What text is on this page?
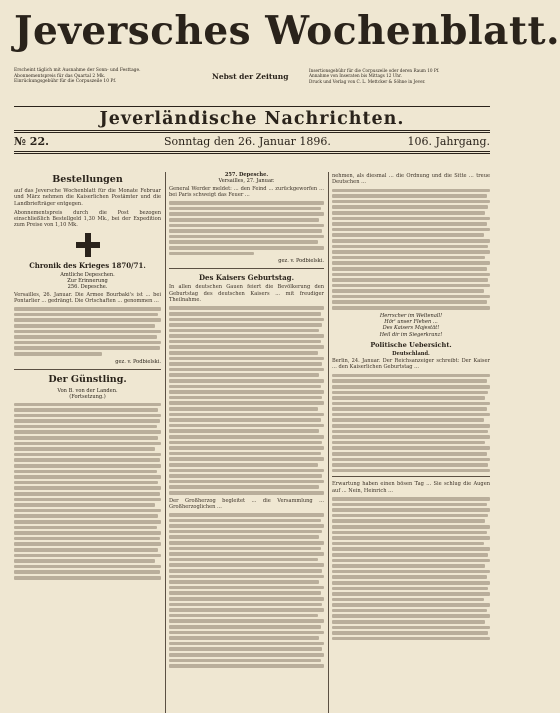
Jeversches Wochenblatt.

Erscheint täglich mit Ausnahme der Sonn- und Festtage.

Abonnementspreis für das Quartal 2 Mk.

Einrückungsgebühr für die Corpuszeile 10 Pf.

Nebst der Zeitung

Insertionsgebühr für die Corpuszeile oder deren Raum 10 Pf.

Annahme von Inseraten bis Mittags 12 Uhr.

Druck und Verlag von C. L. Mettcker & Söhne in Jever.

Jeverländische Nachrichten.
№ 22.	Sonntag den 26. Januar 1896.	106. Jahrgang.
Bestellungen
auf das Jeversche Wochenblatt für die Monate Februar und März nehmen die Kaiserlichen Postämter und die Landbriefträger entgegen.
Abonnementspreis durch die Post bezogen einschließlich Bestellgeld 1,30 Mk., bei der Expedition zum Preise von 1,10 Mk.
Chronik des Krieges 1870/71.
Amtliche Depeschen.
Zur Erinnerung
256. Depesche.
Versailles, 26. Januar. Die Armee Bourbaki's ist ... bei Pontarlier ... gedrängt. Die Ortschaften ... genommen ...
gez. v. Podbielski.
Der Günstling.
Von B. von der Landen.
(Fortsetzung.)
257. Depesche.
Versailles, 27. Januar.
General Werder meldet: ... den Feind ... zurückgeworfen ... bei Paris schweigt das Feuer ...
gez. v. Podbielski.
Des Kaisers Geburtstag.
In allen deutschen Gauen feiert die Bevölkerung den Geburtstag des deutschen Kaisers ... mit freudiger Theilnahme.
Der Großherzog begleitet ... die Versammlung ... Großherzoglichen ...
nehmen, als diesmal ... die Ordnung und die Sitte ... treue Deutschen ...

Herrscher im Weltenall!

Hör' unser Flehen ...

Des Kaisers Majestät!

Heil dir im Siegerkranz!

Politische Uebersicht.
Deutschland.
Berlin, 24. Januar. Der Reichsanzeiger schreibt: Der Kaiser ... den Kaiserlichen Geburtstag ...
Erwartung haben einen bösen Tag ... Sie schlug die Augen auf ... Nein, Heinrich ...
